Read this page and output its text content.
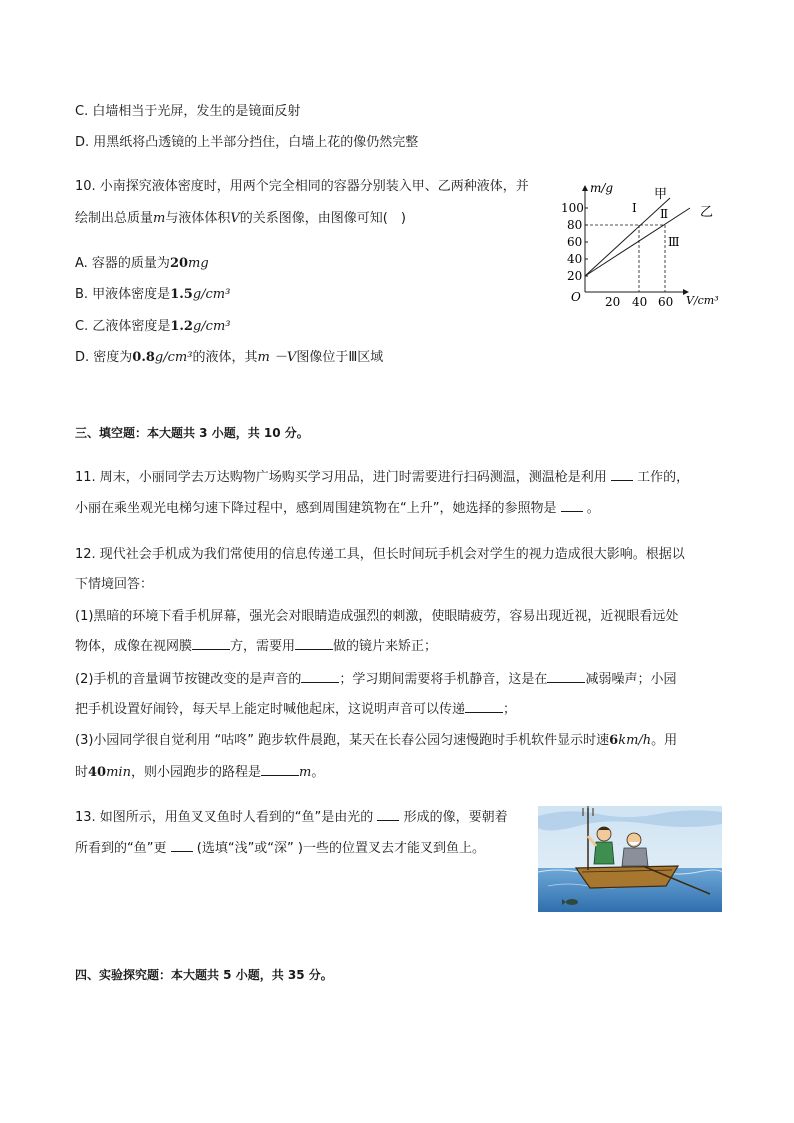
C. 白墙相当于光屏，发生的是镜面反射
D. 用黑纸将凸透镜的上半部分挡住，白墙上花的像仍然完整
10. 小南探究液体密度时，用两个完全相同的容器分别装入甲、乙两种液体，并
绘制出总质量m与液体体积V的关系图像，由图像可知(　)
A. 容器的质量为20mg
B. 甲液体密度是1.5g/cm³
C. 乙液体密度是1.2g/cm³
D. 密度为0.8g/cm³的液体，其m －V图像位于Ⅲ区域
m/g
V/cm³
O
100
80
60
40
20
20 40 60
甲
乙
Ⅰ Ⅱ
Ⅲ
三、填空题：本大题共 3 小题，共 10 分。
11. 周末，小丽同学去万达购物广场购买学习用品，进门时需要进行扫码测温，测温枪是利用 工作的，
小丽在乘坐观光电梯匀速下降过程中，感到周围建筑物在“上升”，她选择的参照物是 。
12. 现代社会手机成为我们常使用的信息传递工具，但长时间玩手机会对学生的视力造成很大影响。根据以
下情境回答：
(1)黑暗的环境下看手机屏幕，强光会对眼睛造成强烈的刺激，使眼睛疲劳，容易出现近视，近视眼看远处
物体，成像在视网膜	方，需要用	做的镜片来矫正；
(2)手机的音量调节按键改变的是声音的	；学习期间需要将手机静音，这是在	减弱噪声；小园
把手机设置好闹铃，每天早上能定时喊他起床，这说明声音可以传递	；
(3)小园同学很自觉利用 “咕咚” 跑步软件晨跑，某天在长春公园匀速慢跑时手机软件显示时速6km/h。用
时40min，则小园跑步的路程是	m。
13. 如图所示，用鱼叉叉鱼时人看到的“鱼”是由光的 形成的像，要朝着
所看到的“鱼”更 (选填“浅”或“深” )一些的位置叉去才能叉到鱼上。
四、实验探究题：本大题共 5 小题，共 35 分。
